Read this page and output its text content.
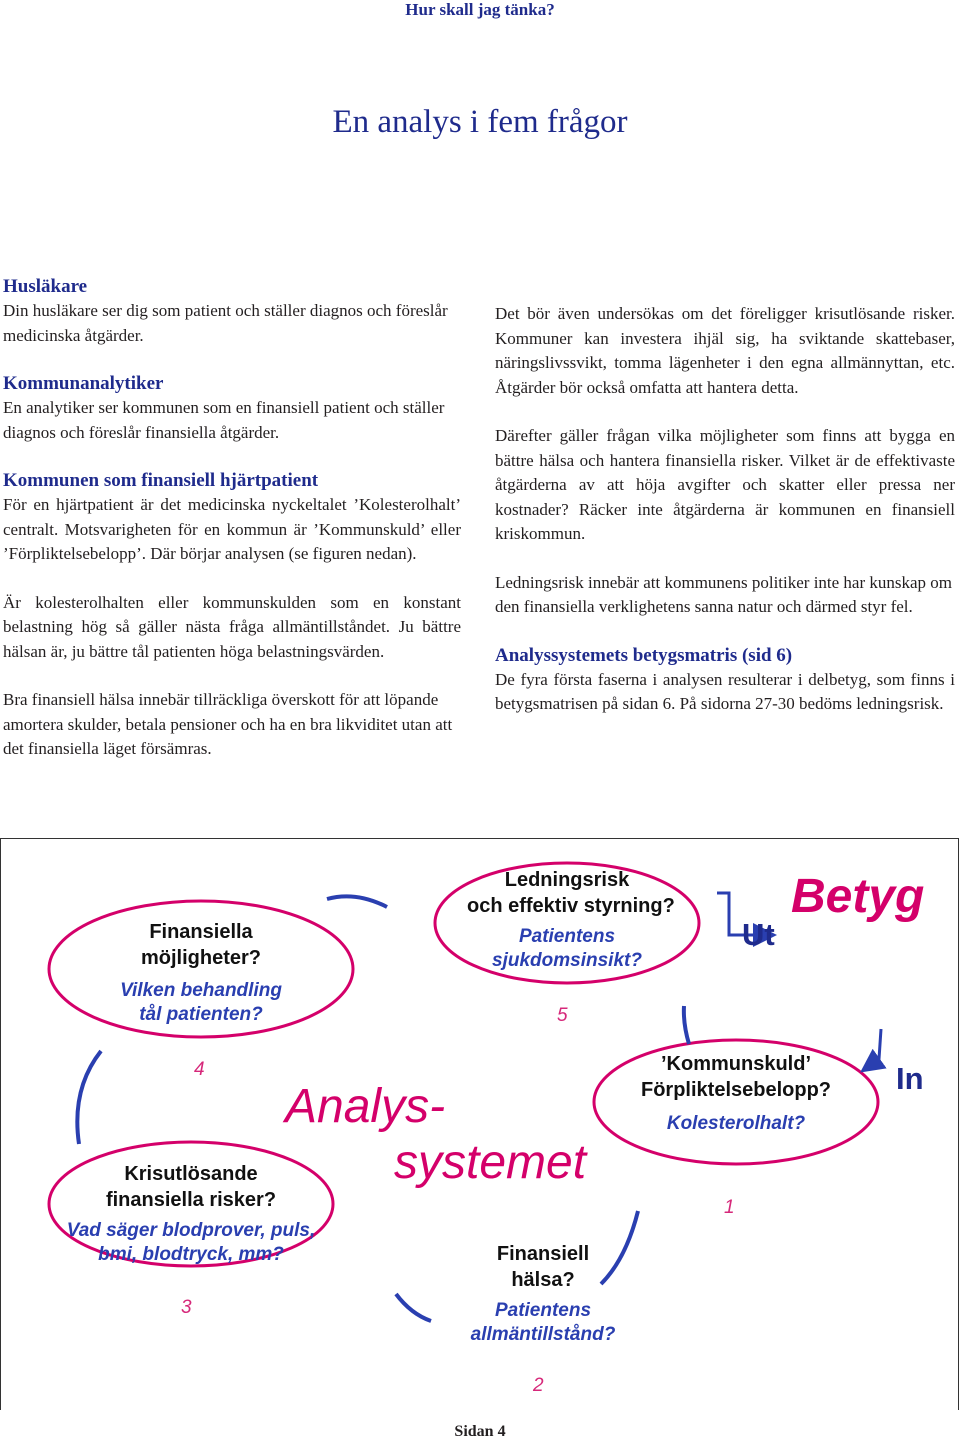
Hur skall jag tänka?
En analys i fem frågor
Husläkare

Din husläkare ser dig som patient och ställer diagnos och föreslår medicinska åtgärder.

Kommunanalytiker

En analytiker ser kommunen som en finansiell patient och ställer diagnos och föreslår finansiella åtgärder.

Kommunen som finansiell hjärtpatient

För en hjärtpatient är det medicinska nyckeltalet ’Kolesterolhalt’ centralt. Motsvarigheten för en kommun är ’Kommunskuld’ eller ’Förpliktelsebelopp’. Där börjar analysen (se figuren nedan).

Är kolesterolhalten eller kommunskulden som en konstant belastning hög så gäller nästa fråga allmäntillståndet. Ju bättre hälsan är, ju bättre tål patienten höga belastningsvärden.

Bra finansiell hälsa innebär tillräckliga överskott för att löpande amortera skulder, betala pensioner och ha en bra likviditet utan att det finansiella läget försämras.

Det bör även undersökas om det föreligger krisutlösande risker. Kommuner kan investera ihjäl sig, ha sviktande skattebaser, näringslivssvikt, tomma lägenheter i den egna allmännyttan, etc. Åtgärder bör också omfatta att hantera detta.

Därefter gäller frågan vilka möjligheter som finns att bygga en bättre hälsa och hantera finansiella risker. Vilket är de effektivaste åtgärderna av att höja avgifter och skatter eller pressa ner kostnader? Räcker inte åtgärderna är kommunen en finansiell kriskommun.

Ledningsrisk innebär att kommunens politiker inte har kunskap om den finansiella verklighetens sanna natur och därmed styr fel.

Analyssystemets betygsmatris (sid 6)

De fyra första faserna i analysen resulterar i delbetyg, som finns i betygsmatrisen på sidan 6. På sidorna 27-30 bedöms ledningsrisk.

Ledningsrisk
och effektiv styrning?
Patientens
sjukdomsinsikt?
5
Finansiella
möjligheter?
Vilken behandling
tål patienten?
4	’Kommunskuld’
Förpliktelsebelopp?
Kolesterolhalt?
1
Krisutlösande
finansiella risker?
Vad säger blodprover, puls,
bmi, blodtryck, mm?
3
Finansiell
hälsa?
Patientens
allmäntillstånd?
2
Analys-
systemet
Ut
Betyg
In
Sidan 4
